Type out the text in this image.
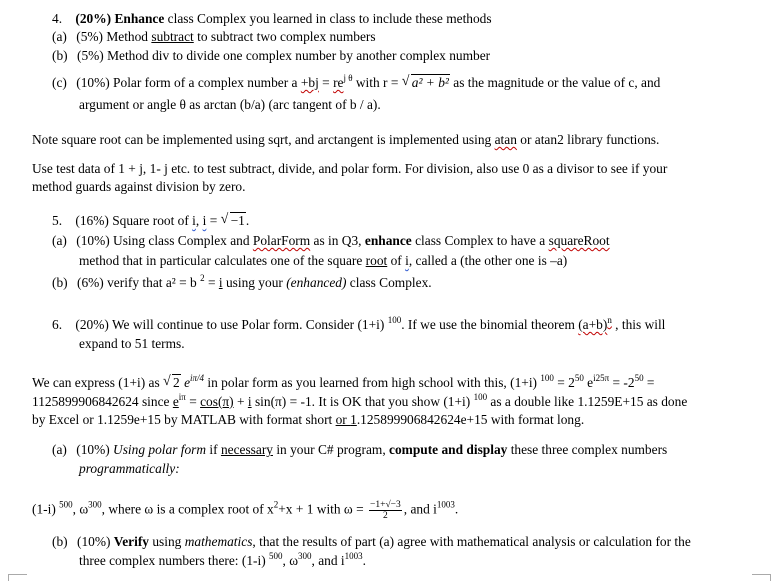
4. (20%) Enhance class Complex you learned in class to include these methods
(a) (5%) Method subtract to subtract two complex numbers
(b) (5%) Method div to divide one complex number by another complex number
(c) (10%) Polar form of a complex number $a +bj = re^{j \theta}$ with r = √ a² + b² as the magnitude or the value of c, and
argument or angle θ as arctan (b/a) (arc tangent of b / a).
Note square root can be implemented using sqrt, and arctangent is implemented using atan or atan2 library functions.
Use test data of 1 + j, 1- j etc. to test subtract, divide, and polar form. For division, also use 0 as a divisor to see if your
method guards against division by zero.
5. (16%) Square root of i, i = √ −1.
(a) (10%) Using class Complex and PolarForm as in Q3, enhance class Complex to have a squareRoot
method that in particular calculates one of the square root of i, called a (the other one is –a)
(b) (6%) verify that a² = b $^2$ = i using your (enhanced) class Complex.
6. (20%) We will continue to use Polar form. Consider (1+i) $^{100}$. If we use the binomial theorem $(a+b)^n$ , this will
expand to 51 terms.
We can express (1+i) as √ 2 $e^{i\pi/4}$ in polar form as you learned from high school with this, (1+i) $^{100} = 2^{50}$ $e^{i25\pi} = -2^{50}$ =
1125899906842624 since $e^{i\pi} = \cos(\pi) + i$ sin(π) = -1. It is OK that you show (1+i) $^{100}$ as a double like 1.1259E+15 as done
by Excel or 1.1259e+15 by MATLAB with format short or 1.125899906842624e+15 with format long.
(a) (10%) Using polar form if necessary in your C# program, compute and display these three complex numbers
programmatically:
(1-i) $^{500}$, $\omega^{300}$, where ω is a complex root of $x^2+x + 1$ with $\omega = \frac{-1+√-3}{2}$ , and $i^{1003}$.
(b) (10%) Verify using mathematics, that the results of part (a) agree with mathematical analysis or calculation for the
three complex numbers there: (1-i) $^{500}$, $\omega^{300}$, and $i^{1003}$.
